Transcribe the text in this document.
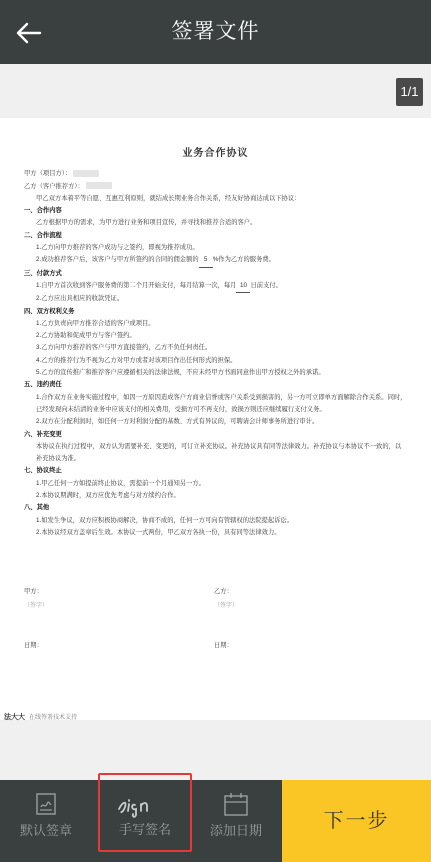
签署文件
1/1
业务合作协议
甲方（项目方）：
乙方（客户推荐方）：
甲乙双方本着平等自愿、互惠互利原则，就结成长期业务合作关系，经友好协商达成以下协议：
一、合作内容
乙方根据甲方的需求，为甲方进行业务和项目宣传，并寻找和推荐合适的客户。
二、合作流程
1.乙方向甲方推荐的客户成功与之签约，即视为推荐成功。
2.成功推荐客户后，该客户与甲方所签约的合同的佣金额的 5 %作为乙方的服务费。
三、付款方式
1.自甲方首次收到客户服务费的第二个月开始支付，每月结算一次，每月 10 日前支付。
2.乙方应出具相应的收款凭证。
四、双方权利义务
1.乙方负责向甲方推荐合适的客户或项目。
2.乙方协助和促成甲方与客户签约。
3.乙方向甲方推荐的客户与甲方直接签约，乙方不负任何责任。
4.乙方的推荐行为不视为乙方对甲方或者对该项目作出任何形式的担保。
5.乙方的宣传推广和推荐客户应遵循相关的法律法规，不应未经甲方书面同意作出甲方授权之外的承诺。
五、违约责任
1.合作双方在业务实施过程中，如因一方原因造成客户方商业信誉或客户关系受到损害的，另一方可立即单方面解除合作关系。同时，已经发现向未结清的业务中应该支付的相关费用，受损方可不再支付，致损方则还应继续履行支付义务。
2.双方在分配利润时，如任何一方对利润分配的基数、方式有异议的，可聘请会计师事务所进行审计。
六、补充变更
本协议在执行过程中，双方认为需要补充、变更的，可订立补充协议。补充协议具有同等法律效力。补充协议与本协议不一致的，以补充协议为准。
七、协议终止
1.甲乙任何一方如提前终止协议，需提前一个月通知另一方。
2.本协议期满时，双方应优先考虑与对方续约合作。
八、其他
1.如发生争议，双方应积极协商解决，协商不成的，任何一方可向有管辖权的法院提起诉讼。
2.本协议经双方盖章后生效。本协议一式两份，甲乙双方各执一份，具有同等法律效力。
甲方：
（签字）
乙方：
（签字）
日期：	日期：
法大大 在线签署技术支持
默认签章	手写签名	添加日期	下一步
